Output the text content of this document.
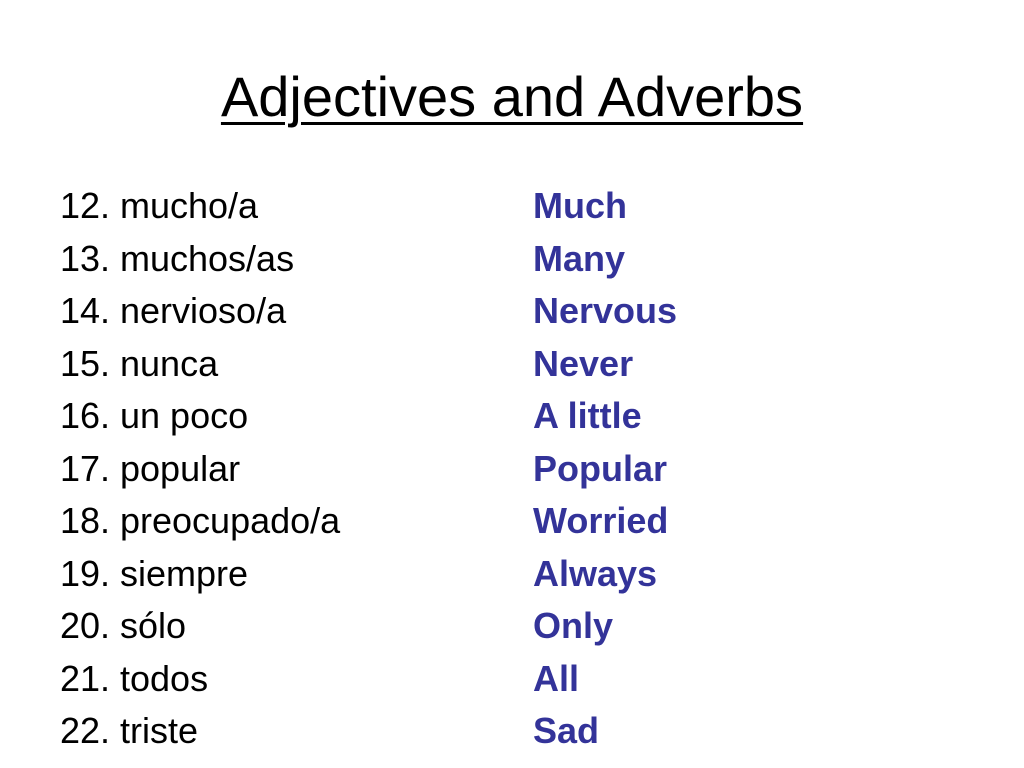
Adjectives and Adverbs
12. mucho/a	Much
13. muchos/as	Many
14. nervioso/a	Nervous
15. nunca	Never
16. un poco	A little
17. popular	Popular
18. preocupado/a	Worried
19. siempre	Always
20. sólo	Only
21. todos	All
22. triste	Sad
